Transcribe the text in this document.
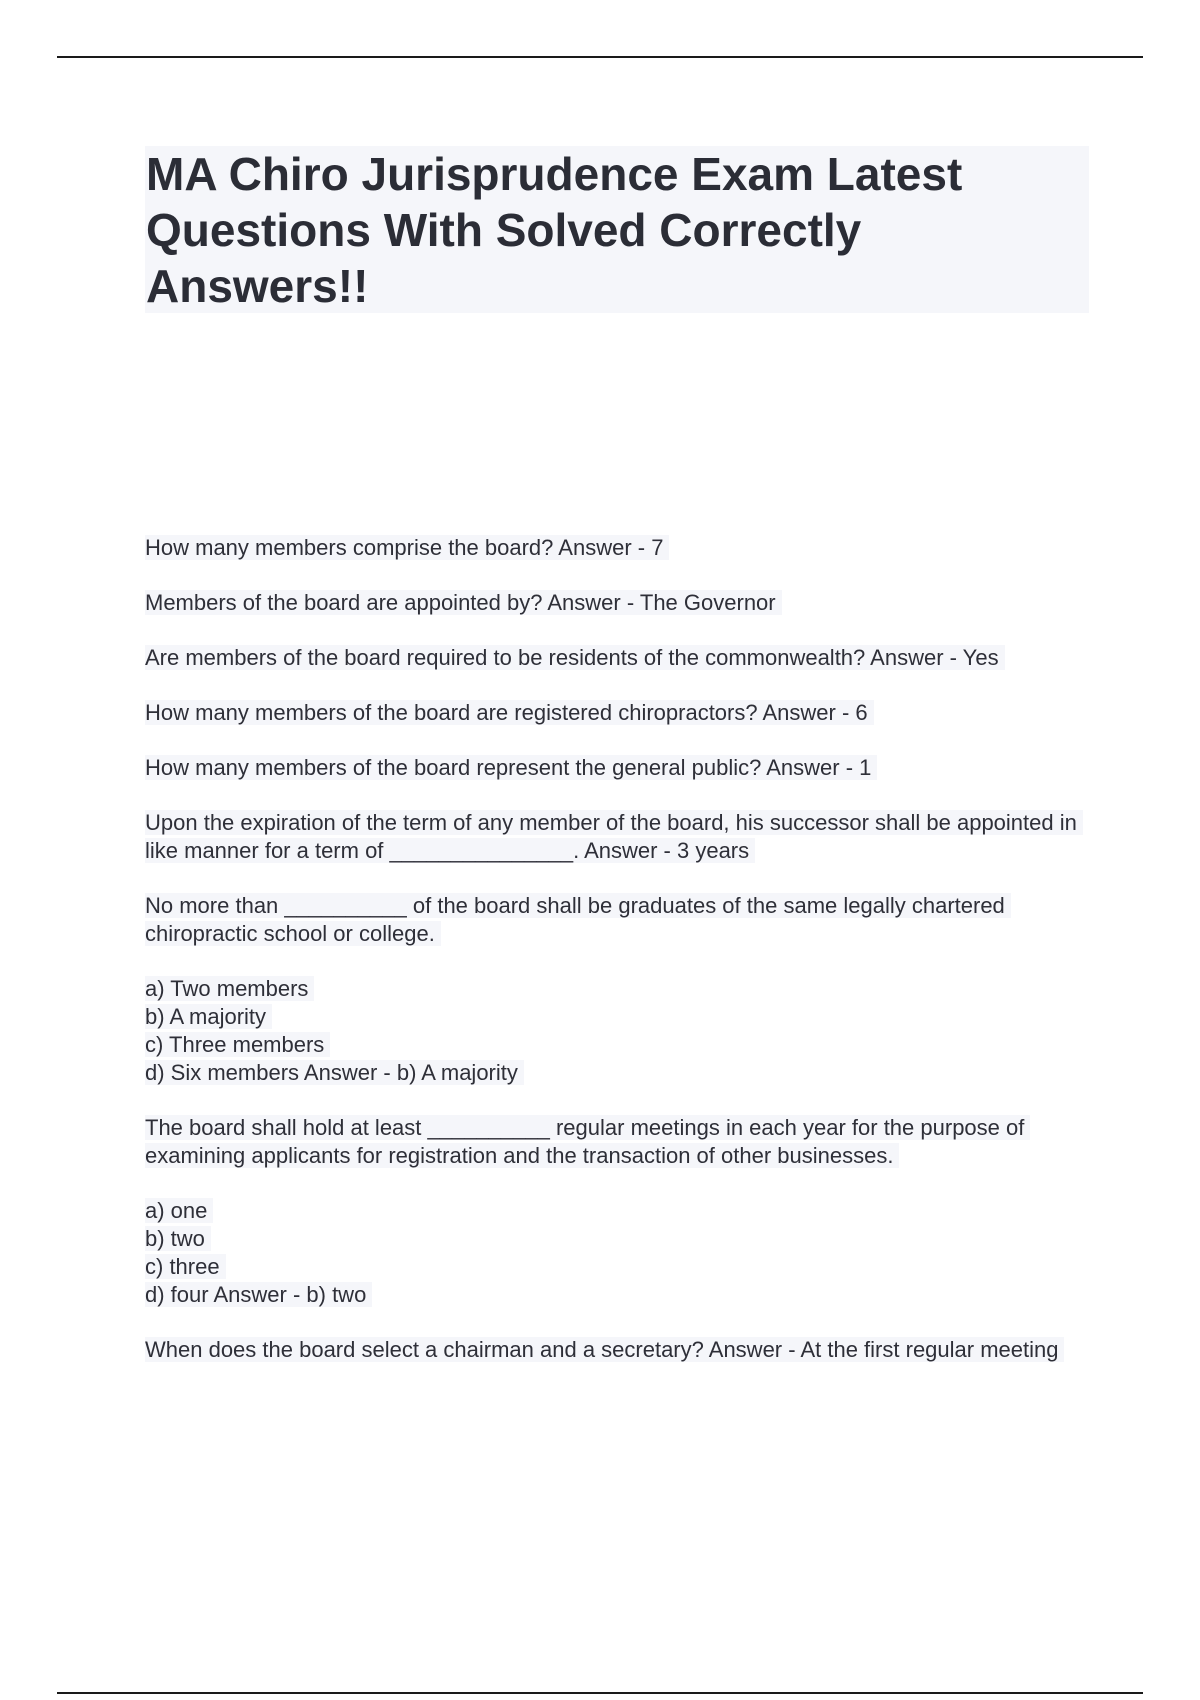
MA Chiro Jurisprudence Exam Latest Questions With Solved Correctly Answers!!

How many members comprise the board? Answer - 7

Members of the board are appointed by? Answer - The Governor

Are members of the board required to be residents of the commonwealth? Answer - Yes

How many members of the board are registered chiropractors? Answer - 6

How many members of the board represent the general public? Answer - 1

Upon the expiration of the term of any member of the board, his successor shall be appointed in like manner for a term of _______________. Answer - 3 years

No more than __________ of the board shall be graduates of the same legally chartered chiropractic school or college.

a) Two members
b) A majority
c) Three members
d) Six members Answer - b) A majority

The board shall hold at least __________ regular meetings in each year for the purpose of examining applicants for registration and the transaction of other businesses.

a) one
b) two
c) three
d) four Answer - b) two

When does the board select a chairman and a secretary? Answer - At the first regular meeting
